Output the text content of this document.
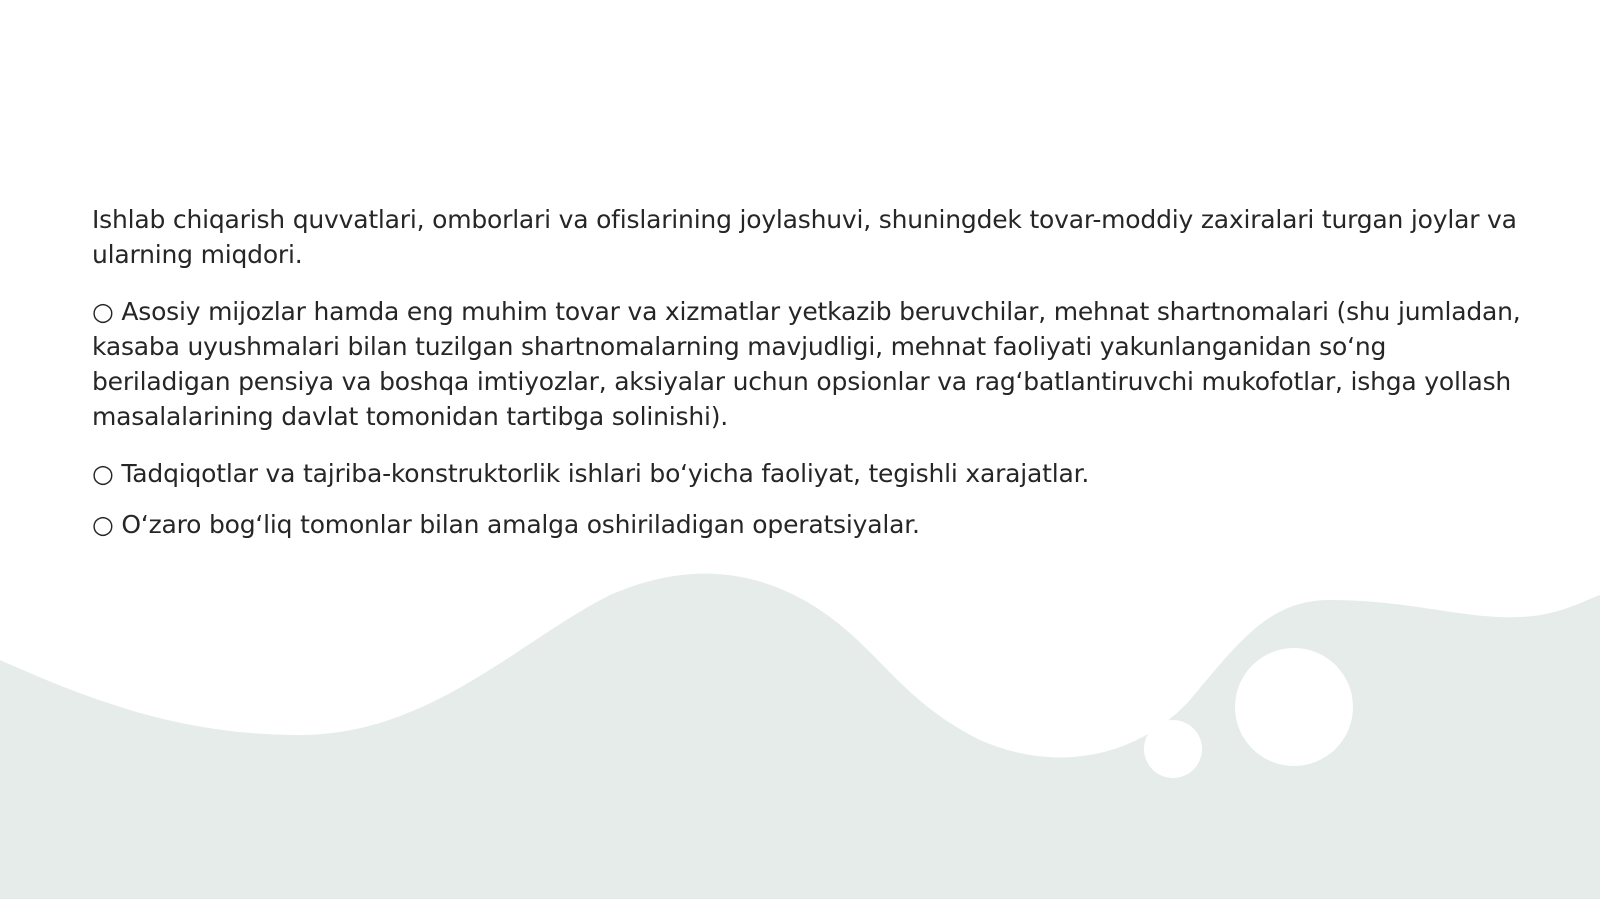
Ishlab chiqarish quvvatlari, omborlari va ofislarining joylashuvi, shuningdek tovar-moddiy zaxiralari turgan joylar va ularning miqdori.

○ Asosiy mijozlar hamda eng muhim tovar va xizmatlar yetkazib beruvchilar, mehnat shartnomalari (shu jumladan, kasaba uyushmalari bilan tuzilgan shartnomalarning mavjudligi, mehnat faoliyati yakunlanganidan so‘ng beriladigan pensiya va boshqa imtiyozlar, aksiyalar uchun opsionlar va rag‘batlantiruvchi mukofotlar, ishga yollash masalalarining davlat tomonidan tartibga solinishi).

○ Tadqiqotlar va tajriba-konstruktorlik ishlari bo‘yicha faoliyat, tegishli xarajatlar.

○ O‘zaro bog‘liq tomonlar bilan amalga oshiriladigan operatsiyalar.
